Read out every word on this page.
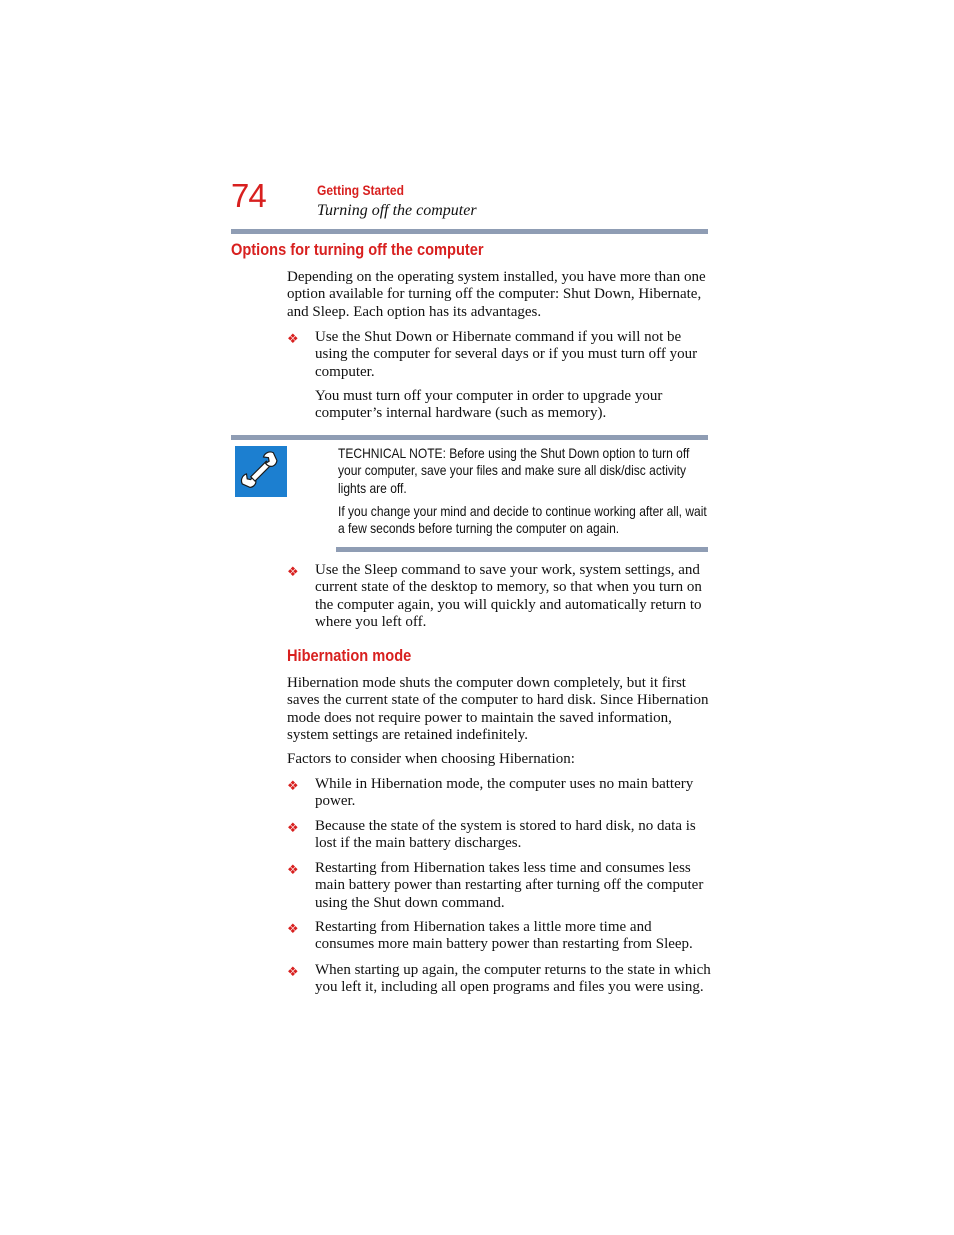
74	Getting Started
Turning off the computer
Options for turning off the computer

Depending on the operating system installed, you have more than one option available for turning off the computer: Shut Down, Hibernate, and Sleep. Each option has its advantages.

❖ Use the Shut Down or Hibernate command if you will not be using the computer for several days or if you must turn off your computer.

You must turn off your computer in order to upgrade your computer’s internal hardware (such as memory).

TECHNICAL NOTE: Before using the Shut Down option to turn off your computer, save your files and make sure all disk/disc activity lights are off.

If you change your mind and decide to continue working after all, wait a few seconds before turning the computer on again.

❖ Use the Sleep command to save your work, system settings, and current state of the desktop to memory, so that when you turn on the computer again, you will quickly and automatically return to where you left off.

Hibernation mode

Hibernation mode shuts the computer down completely, but it first saves the current state of the computer to hard disk. Since Hibernation mode does not require power to maintain the saved information, system settings are retained indefinitely.

Factors to consider when choosing Hibernation:

❖ While in Hibernation mode, the computer uses no main battery power.

❖ Because the state of the system is stored to hard disk, no data is lost if the main battery discharges.

❖ Restarting from Hibernation takes less time and consumes less main battery power than restarting after turning off the computer using the Shut down command.

❖ Restarting from Hibernation takes a little more time and consumes more main battery power than restarting from Sleep.

❖ When starting up again, the computer returns to the state in which you left it, including all open programs and files you were using.
